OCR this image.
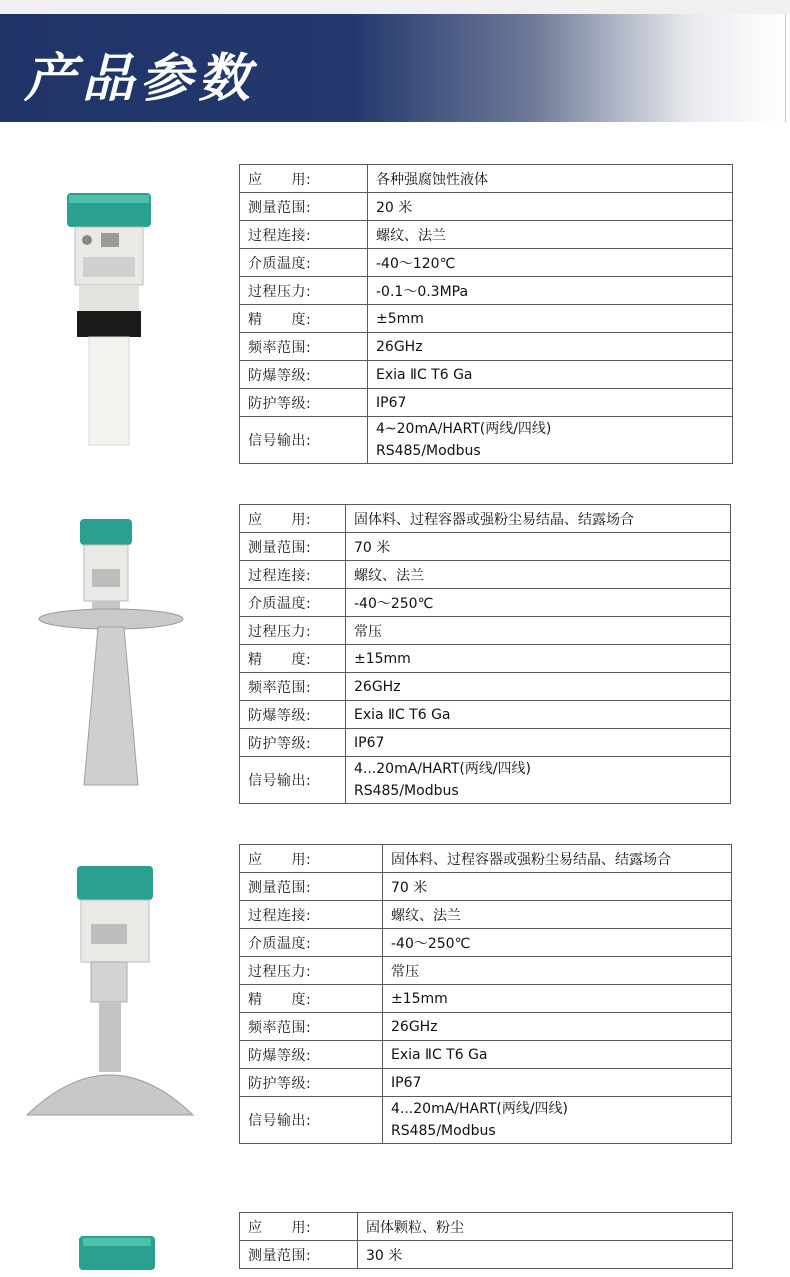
产品参数
应　　用:	各种强腐蚀性液体
测量范围:	20 米
过程连接:	螺纹、法兰
介质温度:	-40～120℃
过程压力:	-0.1～0.3MPa
精　　度:	±5mm
频率范围:	26GHz
防爆等级:	Exia ⅡC T6 Ga
防护等级:	IP67
信号输出:	4~20mA/HART(两线/四线)
RS485/Modbus
应　　用:	固体料、过程容器或强粉尘易结晶、结露场合
测量范围:	70 米
过程连接:	螺纹、法兰
介质温度:	-40～250℃
过程压力:	常压
精　　度:	±15mm
频率范围:	26GHz
防爆等级:	Exia ⅡC T6 Ga
防护等级:	IP67
信号输出:	4...20mA/HART(两线/四线)
RS485/Modbus
应　　用:	固体料、过程容器或强粉尘易结晶、结露场合
测量范围:	70 米
过程连接:	螺纹、法兰
介质温度:	-40～250℃
过程压力:	常压
精　　度:	±15mm
频率范围:	26GHz
防爆等级:	Exia ⅡC T6 Ga
防护等级:	IP67
信号输出:	4...20mA/HART(两线/四线)
RS485/Modbus
应　　用:	固体颗粒、粉尘
测量范围:	30 米
